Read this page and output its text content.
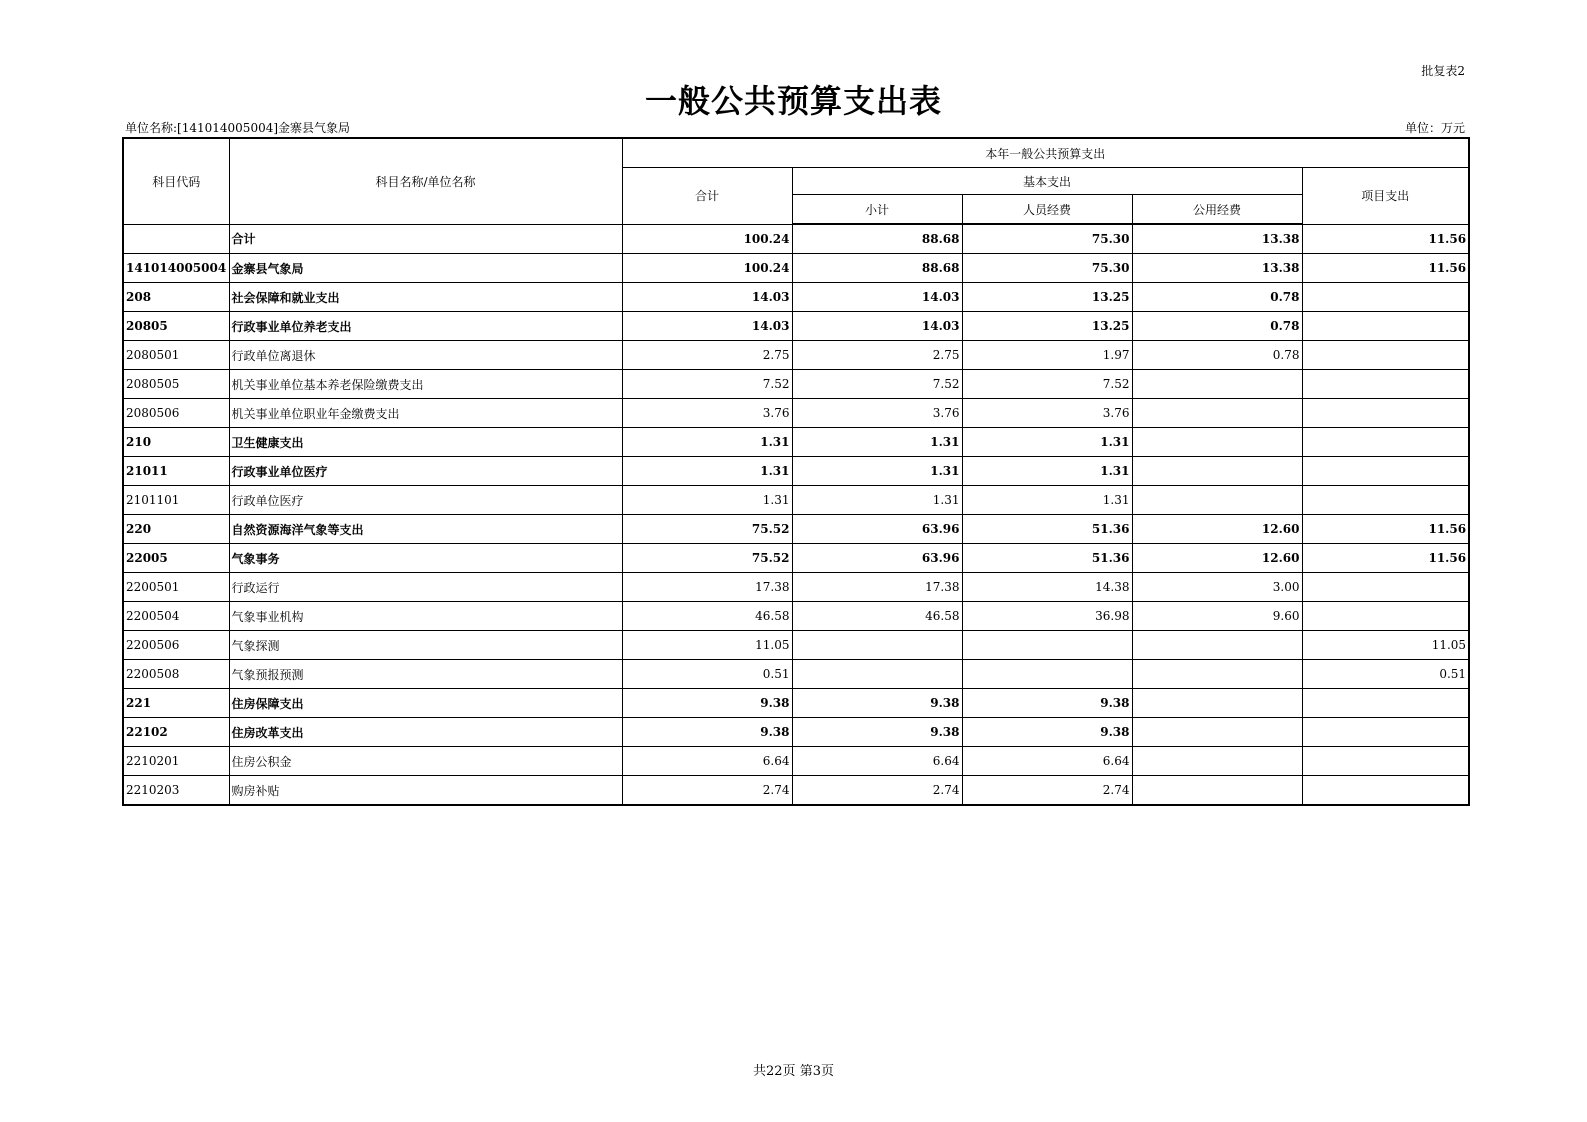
批复表2
一般公共预算支出表
单位名称:[141014005004]金寨县气象局	单位：万元
科目代码	科目名称/单位名称	本年一般公共预算支出				
		合计	基本支出			项目支出
			小计	人员经费	公用经费	
	合计	100.24	88.68	75.30	13.38	11.56
141014005004	金寨县气象局	100.24	88.68	75.30	13.38	11.56
208	社会保障和就业支出	14.03	14.03	13.25	0.78	
20805	行政事业单位养老支出	14.03	14.03	13.25	0.78	
2080501	行政单位离退休	2.75	2.75	1.97	0.78	
2080505	机关事业单位基本养老保险缴费支出	7.52	7.52	7.52		
2080506	机关事业单位职业年金缴费支出	3.76	3.76	3.76		
210	卫生健康支出	1.31	1.31	1.31		
21011	行政事业单位医疗	1.31	1.31	1.31		
2101101	行政单位医疗	1.31	1.31	1.31		
220	自然资源海洋气象等支出	75.52	63.96	51.36	12.60	11.56
22005	气象事务	75.52	63.96	51.36	12.60	11.56
2200501	行政运行	17.38	17.38	14.38	3.00	
2200504	气象事业机构	46.58	46.58	36.98	9.60	
2200506	气象探测	11.05				11.05
2200508	气象预报预测	0.51				0.51
221	住房保障支出	9.38	9.38	9.38		
22102	住房改革支出	9.38	9.38	9.38		
2210201	住房公积金	6.64	6.64	6.64		
2210203	购房补贴	2.74	2.74	2.74		
共22页 第3页
